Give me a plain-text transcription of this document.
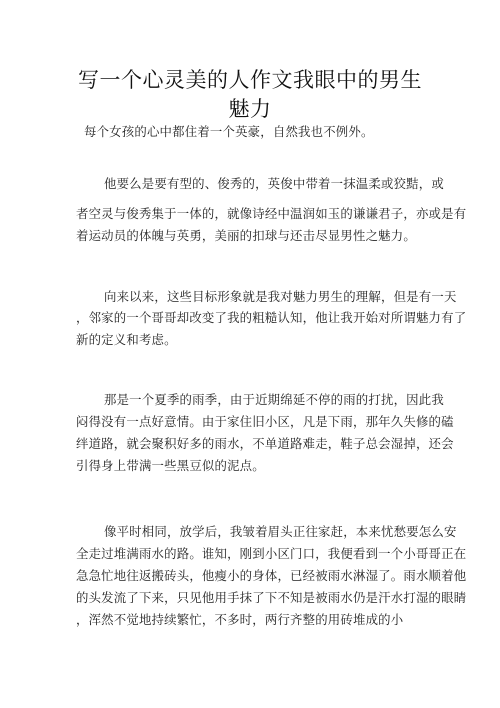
写一个心灵美的人作文我眼中的男生
魅力
每个女孩的心中都住着一个英豪，自然我也不例外。
他要么是要有型的、俊秀的，英俊中带着一抹温柔或狡黠，或
者空灵与俊秀集于一体的，就像诗经中温润如玉的谦谦君子，亦或是有
着运动员的体魄与英勇，美丽的扣球与还击尽显男性之魅力。
向来以来，这些目标形象就是我对魅力男生的理解，但是有一天
，邻家的一个哥哥却改变了我的粗糙认知，他让我开始对所谓魅力有了
新的定义和考虑。
那是一个夏季的雨季，由于近期绵延不停的雨的打扰，因此我
闷得没有一点好意情。由于家住旧小区，凡是下雨，那年久失修的磕
绊道路，就会聚积好多的雨水，不单道路难走，鞋子总会湿掉，还会
引得身上带满一些黑豆似的泥点。
像平时相同，放学后，我皱着眉头正往家赶，本来忧愁要怎么安
全走过堆满雨水的路。谁知，刚到小区门口，我便看到一个小哥哥正在
急急忙地往返搬砖头，他瘦小的身体，已经被雨水淋湿了。雨水顺着他
的头发流了下来，只见他用手抹了下不知是被雨水仍是汗水打湿的眼睛
，浑然不觉地持续繁忙，不多时，两行齐整的用砖堆成的小
